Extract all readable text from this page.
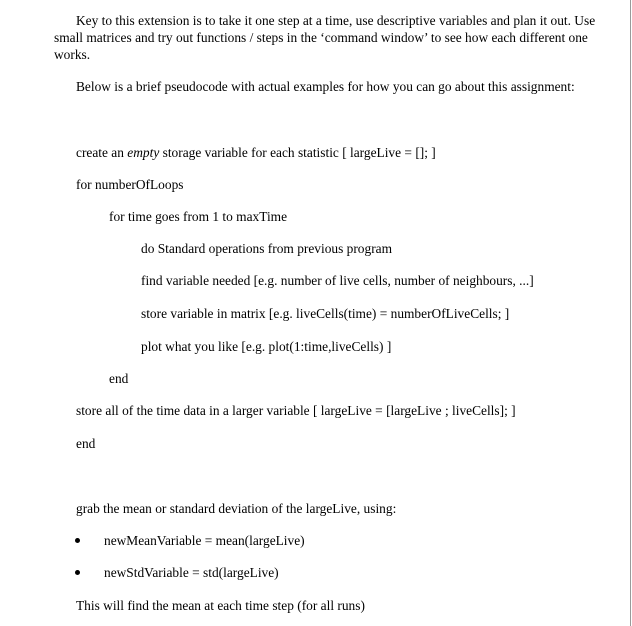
Key to this extension is to take it one step at a time, use descriptive variables and plan it out. Use small matrices and try out functions / steps in the ‘command window’ to see how each different one works.
Below is a brief pseudocode with actual examples for how you can go about this assignment:
create an empty storage variable for each statistic [ largeLive = []; ]
for numberOfLoops
for time goes from 1 to maxTime
do Standard operations from previous program
find variable needed [e.g. number of live cells, number of neighbours, ...]
store variable in matrix [e.g. liveCells(time) = numberOfLiveCells; ]
plot what you like [e.g. plot(1:time,liveCells) ]
end
store all of the time data in a larger variable [ largeLive = [largeLive ; liveCells]; ]
end
grab the mean or standard deviation of the largeLive, using:
newMeanVariable = mean(largeLive)
newStdVariable = std(largeLive)
This will find the mean at each time step (for all runs)
